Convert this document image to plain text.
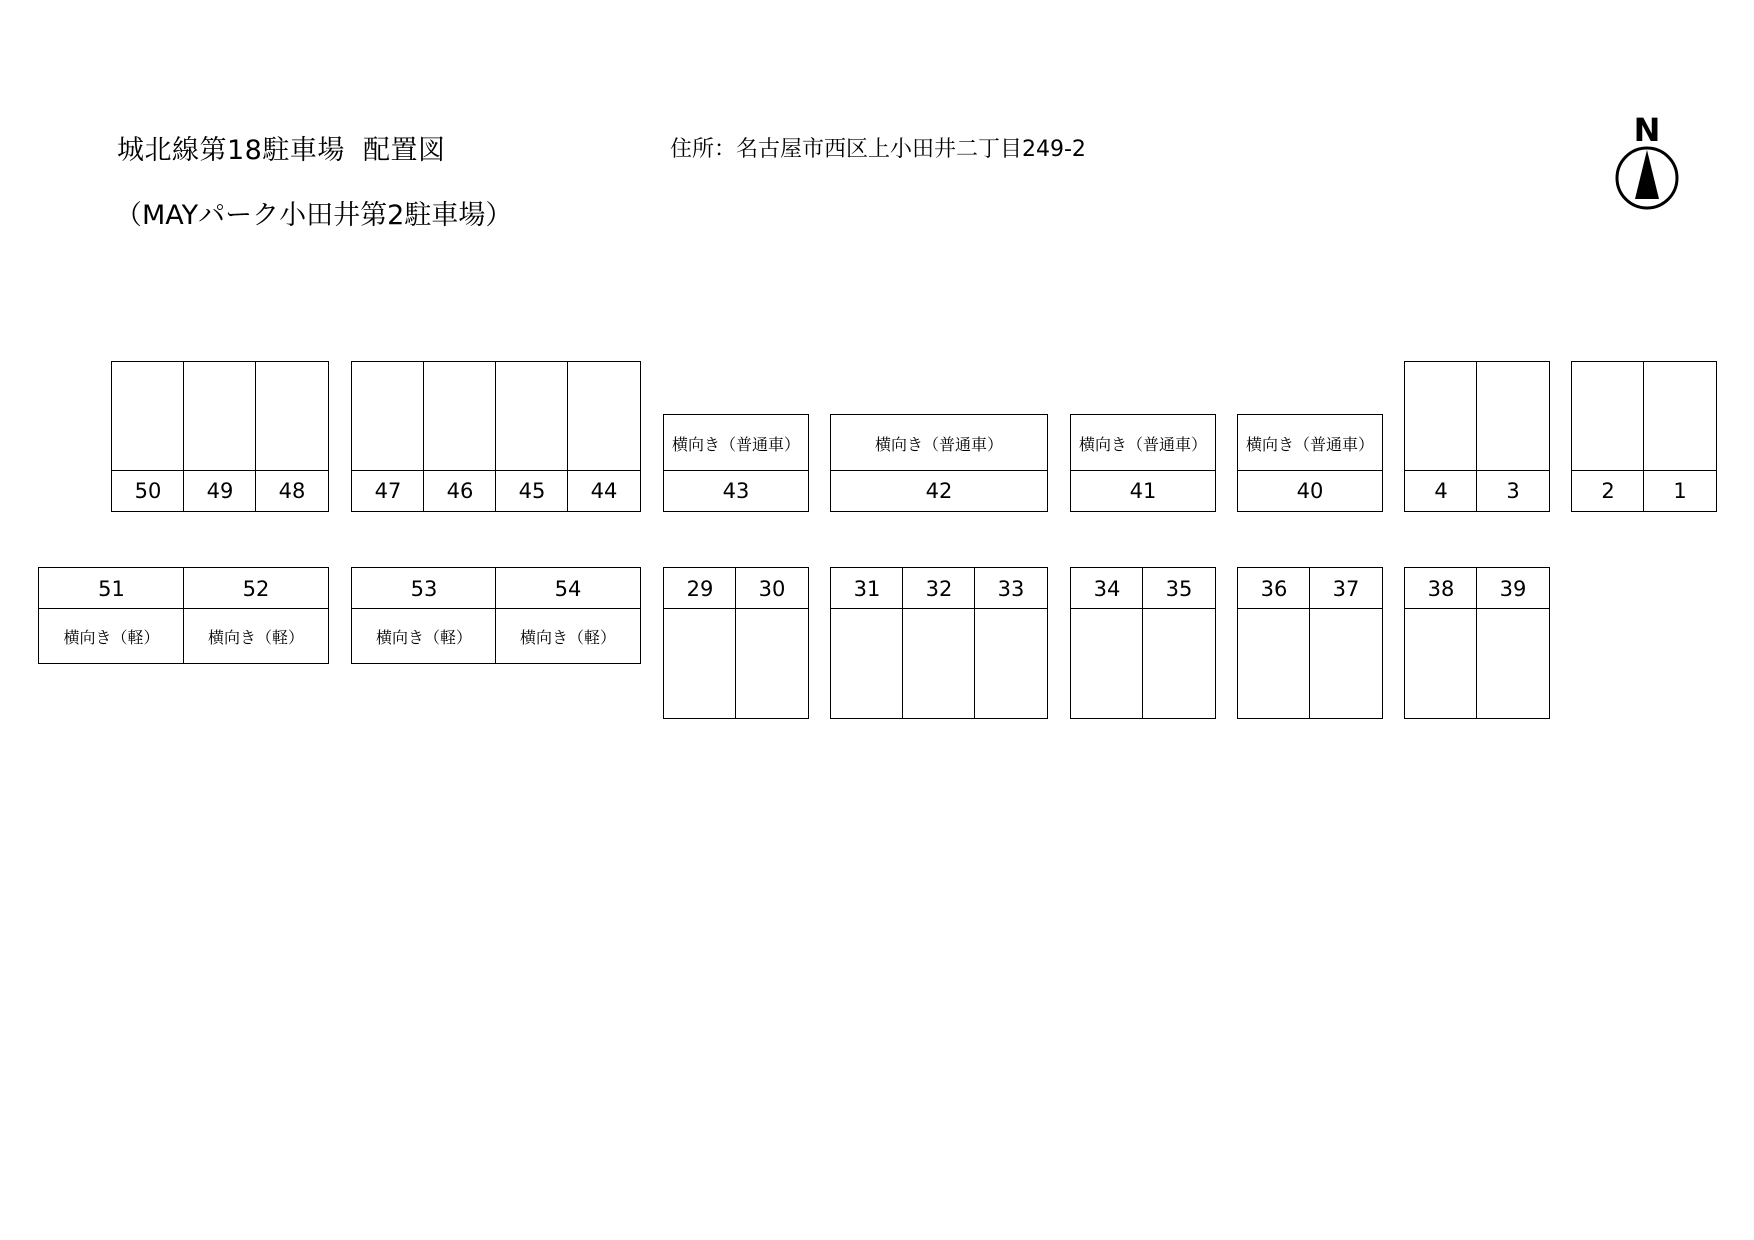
城北線第18駐車場  配置図	住所：名古屋市西区上小田井二丁目249-2
（MAYパーク小田井第2駐車場）
N
50	49	48	47	46	45	44
横向き（普通車）
43
横向き（普通車）
42
横向き（普通車）
41
横向き（普通車）
40	4	3	2	1
51
横向き（軽）
52
横向き（軽）
53
横向き（軽）
54
横向き（軽）
29	30	31	32	33	34	35	36	37	38	39
